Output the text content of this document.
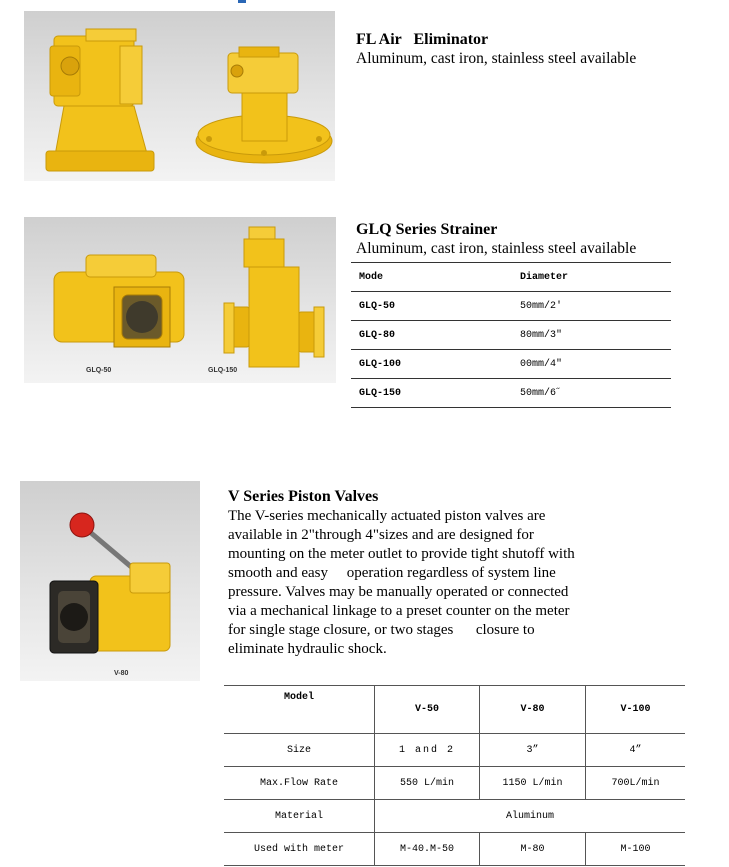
FL Air   Eliminator

Aluminum, cast iron, stainless steel available

GLQ-50	GLQ-150
GLQ Series Strainer

Aluminum, cast iron, stainless steel available

Mode	Diameter
GLQ-50	50mm/2'
GLQ-80	80mm/3"
GLQ-100	00mm/4"
GLQ-150	50mm/6˝
V-80
V Series Piston Valves

The V-series mechanically actuated piston valves are

available in 2"through 4"sizes and are designed for

mounting on the meter outlet to provide tight shutoff with

smooth and easy     operation regardless of system line

pressure. Valves may be manually operated or connected

via a mechanical linkage to a preset counter on the meter

for single stage closure, or two stages      closure to

eliminate hydraulic shock.

Model	V-50	V-80	V-100
Size	1 and 2	3”	4”
Max.Flow Rate	550 L/min	1150 L/min	700L/min
Material	Aluminum		
Used with meter	M-40.M-50	M-80	M-100
